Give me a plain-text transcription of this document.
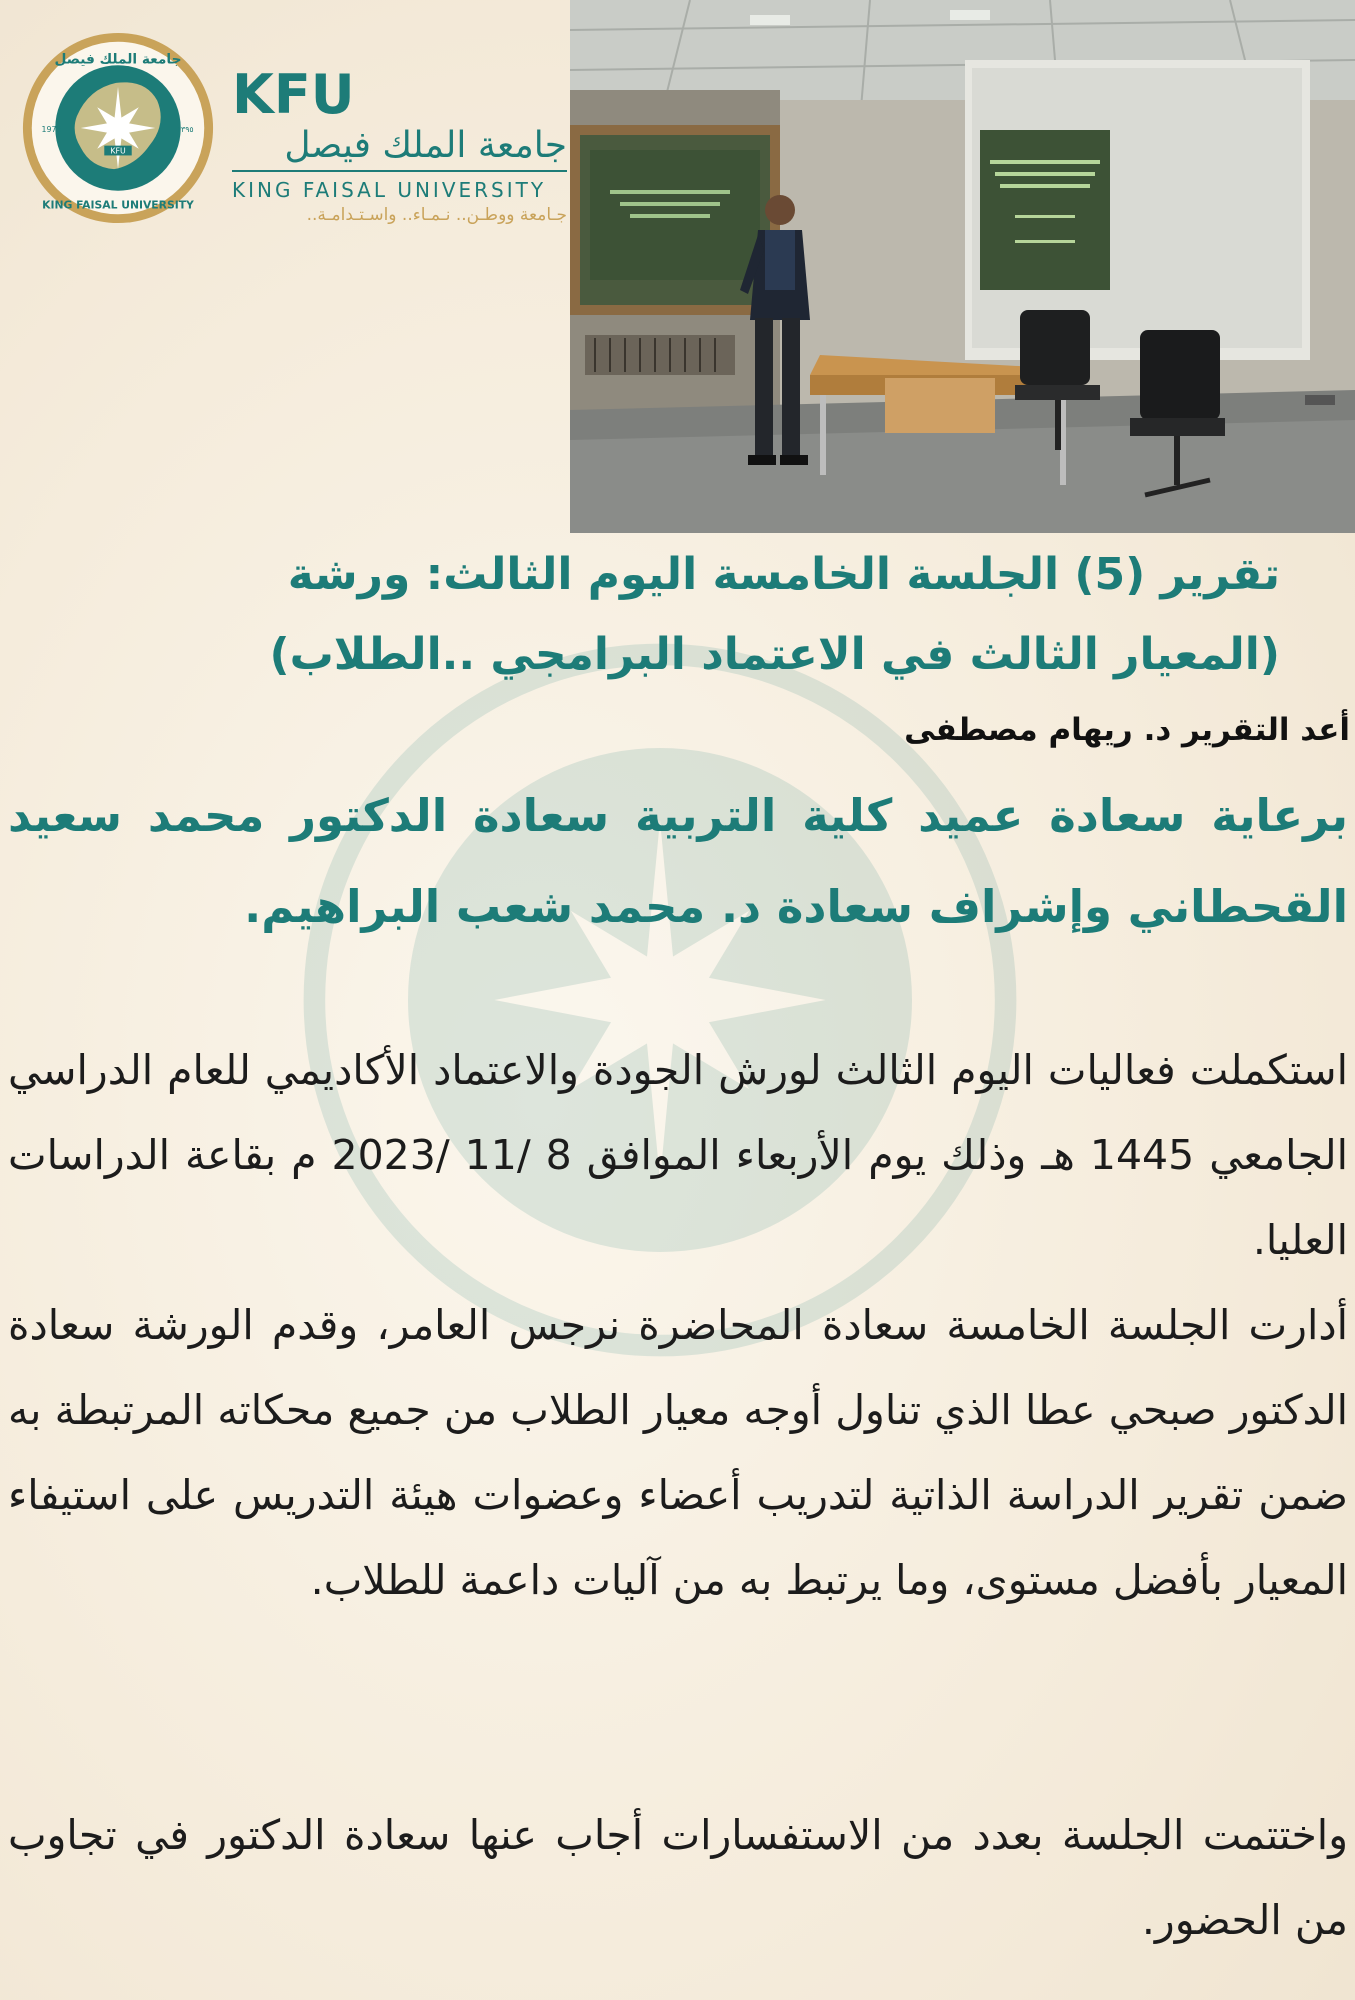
KFU
جامعة الملك فيصل
KING FAISAL UNIVERSITY
1975	١٣٩٥
KFU
جامعة الملك فيصل
KING FAISAL UNIVERSITY
جـامعة ووطـن.. نـمـاء.. واسـتـدامـة..
تقرير (5) الجلسة الخامسة اليوم الثالث: ورشة
(المعيار الثالث في الاعتماد البرامجي ..الطلاب)
أعد التقرير د. ريهام مصطفى
برعاية سعادة عميد كلية التربية سعادة الدكتور محمد سعيد القحطاني وإشراف سعادة د. محمد شعب البراهيم.
استكملت فعاليات اليوم الثالث لورش الجودة والاعتماد الأكاديمي للعام الدراسي الجامعي 1445 هـ وذلك يوم الأربعاء الموافق 8 /11 /2023 م بقاعة الدراسات العليا.
أدارت الجلسة الخامسة سعادة المحاضرة نرجس العامر، وقدم الورشة سعادة الدكتور صبحي عطا الذي تناول أوجه معيار الطلاب من جميع محكاته المرتبطة به ضمن تقرير الدراسة الذاتية لتدريب أعضاء وعضوات هيئة التدريس على استيفاء المعيار بأفضل مستوى، وما يرتبط به من آليات داعمة للطلاب.
واختتمت الجلسة بعدد من الاستفسارات أجاب عنها سعادة الدكتور في تجاوب من الحضور.
